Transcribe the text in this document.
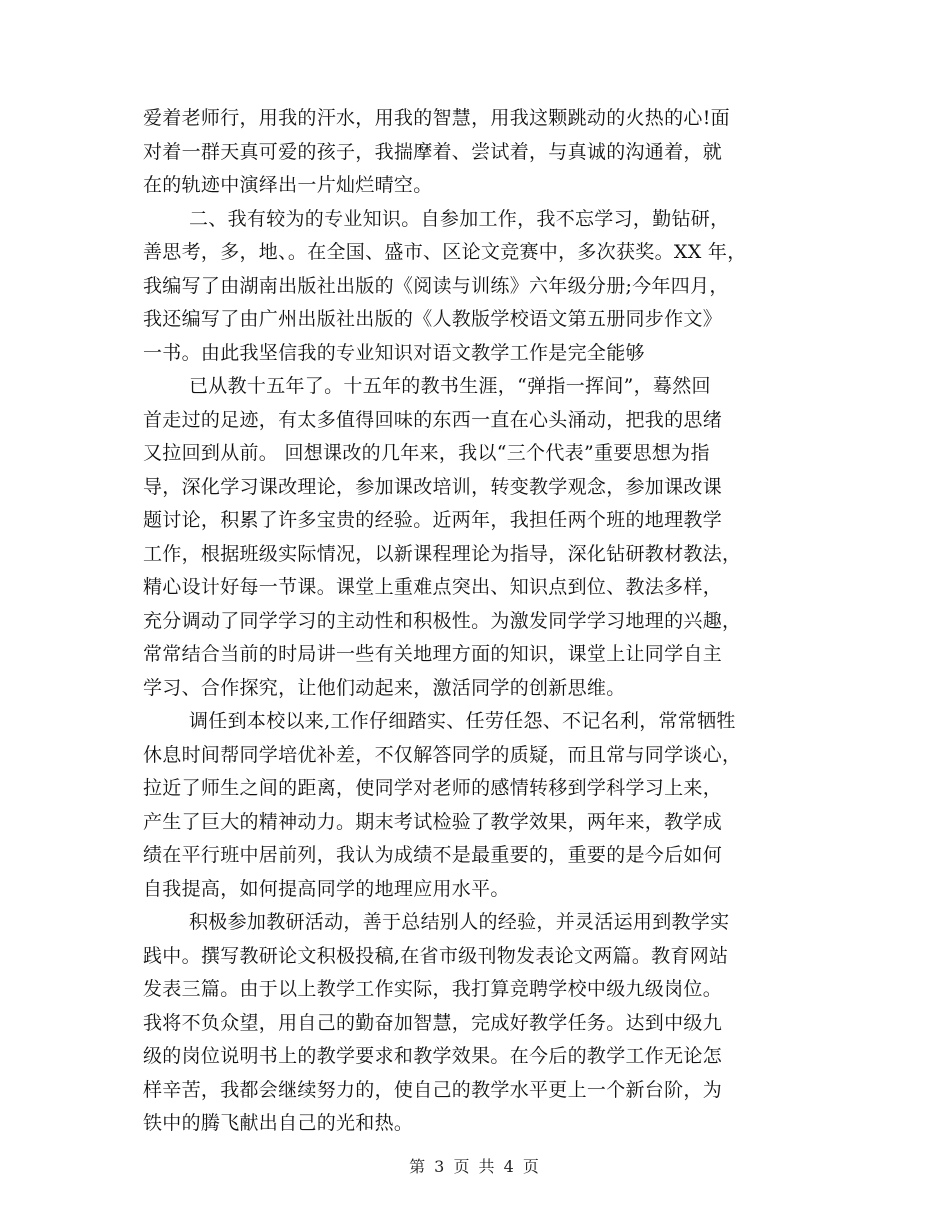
爱着老师行，用我的汗水，用我的智慧，用我这颗跳动的火热的心!面
对着一群天真可爱的孩子，我揣摩着、尝试着，与真诚的沟通着，就
在的轨迹中演绎出一片灿烂晴空。
二、我有较为的专业知识。自参加工作，我不忘学习，勤钻研，
善思考，多，地、。在全国、盛市、区论文竞赛中，多次获奖。XX 年，
我编写了由湖南出版社出版的《阅读与训练》六年级分册;今年四月，
我还编写了由广州出版社出版的《人教版学校语文第五册同步作文》
一书。由此我坚信我的专业知识对语文教学工作是完全能够
已从教十五年了。十五年的教书生涯，“弹指一挥间”，蓦然回
首走过的足迹，有太多值得回味的东西一直在心头涌动，把我的思绪
又拉回到从前。 回想课改的几年来，我以“三个代表”重要思想为指
导，深化学习课改理论，参加课改培训，转变教学观念，参加课改课
题讨论，积累了许多宝贵的经验。近两年，我担任两个班的地理教学
工作，根据班级实际情况，以新课程理论为指导，深化钻研教材教法，
精心设计好每一节课。课堂上重难点突出、知识点到位、教法多样，
充分调动了同学学习的主动性和积极性。为激发同学学习地理的兴趣，
常常结合当前的时局讲一些有关地理方面的知识，课堂上让同学自主
学习、合作探究，让他们动起来，激活同学的创新思维。
调任到本校以来,工作仔细踏实、任劳任怨、不记名利，常常牺牲
休息时间帮同学培优补差，不仅解答同学的质疑，而且常与同学谈心，
拉近了师生之间的距离，使同学对老师的感情转移到学科学习上来，
产生了巨大的精神动力。期末考试检验了教学效果，两年来，教学成
绩在平行班中居前列，我认为成绩不是最重要的，重要的是今后如何
自我提高，如何提高同学的地理应用水平。
积极参加教研活动，善于总结别人的经验，并灵活运用到教学实
践中。撰写教研论文积极投稿,在省市级刊物发表论文两篇。教育网站
发表三篇。由于以上教学工作实际，我打算竞聘学校中级九级岗位。
我将不负众望，用自己的勤奋加智慧，完成好教学任务。达到中级九
级的岗位说明书上的教学要求和教学效果。在今后的教学工作无论怎
样辛苦，我都会继续努力的，使自己的教学水平更上一个新台阶，为
铁中的腾飞献出自己的光和热。
第 3 页 共 4 页
